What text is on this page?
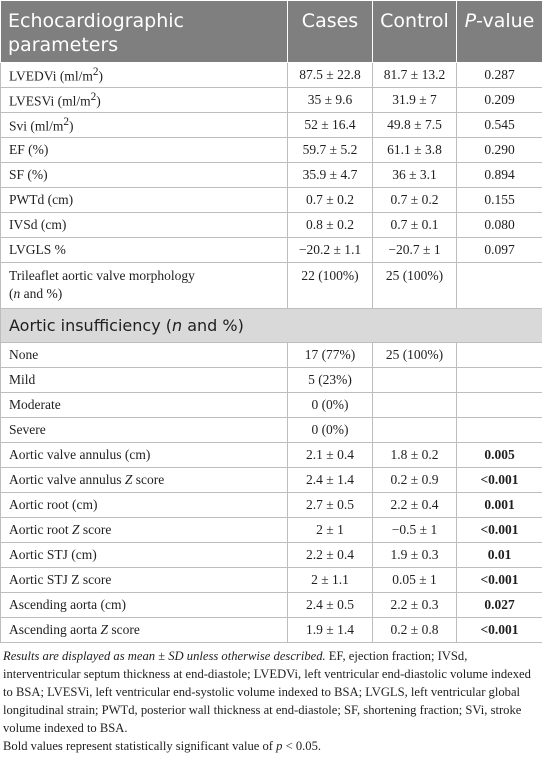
Echocardiographic
parameters	Cases	Control	P-value
LVEDVi $(ml/m^2)$	87.5 ± 22.8	81.7 ± 13.2	0.287
LVESVi $(ml/m^2)$	35 ± 9.6	31.9 ± 7	0.209
Svi $(ml/m^2)$	52 ± 16.4	49.8 ± 7.5	0.545
EF (%)	59.7 ± 5.2	61.1 ± 3.8	0.290
SF (%)	35.9 ± 4.7	36 ± 3.1	0.894
PWTd (cm)	0.7 ± 0.2	0.7 ± 0.2	0.155
IVSd (cm)	0.8 ± 0.2	0.7 ± 0.1	0.080
LVGLS %	−20.2 ± 1.1	−20.7 ± 1	0.097
Trileaflet aortic valve morphology
(n and %)	22 (100%)	25 (100%)	
Aortic insufficiency (n and %)			
None	17 (77%)	25 (100%)	
Mild	5 (23%)		
Moderate	0 (0%)		
Severe	0 (0%)		
Aortic valve annulus (cm)	2.1 ± 0.4	1.8 ± 0.2	0.005
Aortic valve annulus Z score	2.4 ± 1.4	0.2 ± 0.9	<0.001
Aortic root (cm)	2.7 ± 0.5	2.2 ± 0.4	0.001
Aortic root Z score	2 ± 1	−0.5 ± 1	<0.001
Aortic STJ (cm)	2.2 ± 0.4	1.9 ± 0.3	0.01
Aortic STJ Z score	2 ± 1.1	0.05 ± 1	<0.001
Ascending aorta (cm)	2.4 ± 0.5	2.2 ± 0.3	0.027
Ascending aorta Z score	1.9 ± 1.4	0.2 ± 0.8	<0.001
Results are displayed as mean ± SD unless otherwise described. EF, ejection fraction; IVSd, interventricular septum thickness at end-diastole; LVEDVi, left ventricular end-diastolic volume indexed to BSA; LVESVi, left ventricular end-systolic volume indexed to BSA; LVGLS, left ventricular global longitudinal strain; PWTd, posterior wall thickness at end-diastole; SF, shortening fraction; SVi, stroke volume indexed to BSA.
Bold values represent statistically significant value of p < 0.05.
